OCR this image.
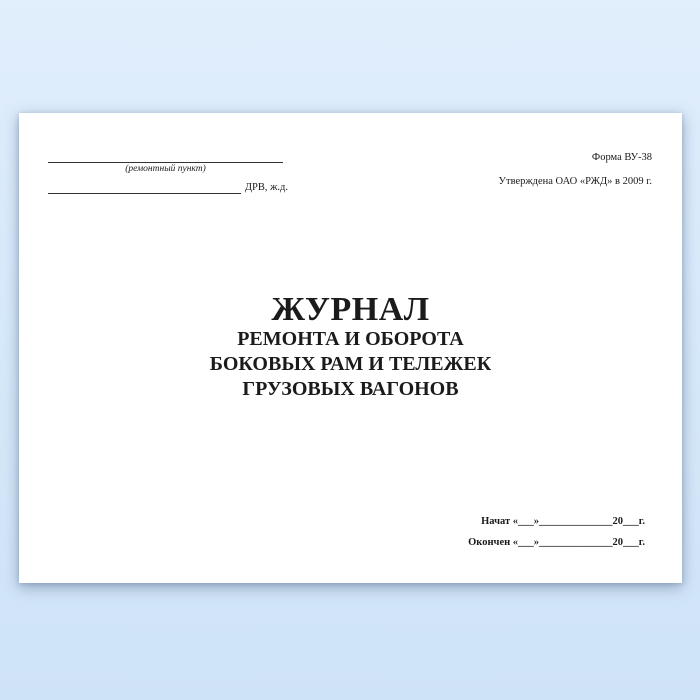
(ремонтный пункт)
ДРВ, ж.д.
Форма ВУ-38
Утверждена ОАО «РЖД» в 2009 г.
ЖУРНАЛ
РЕМОНТА И ОБОРОТА
БОКОВЫХ РАМ И ТЕЛЕЖЕК
ГРУЗОВЫХ ВАГОНОВ
Начат «___»______________20___г.
Окончен «___»______________20___г.
